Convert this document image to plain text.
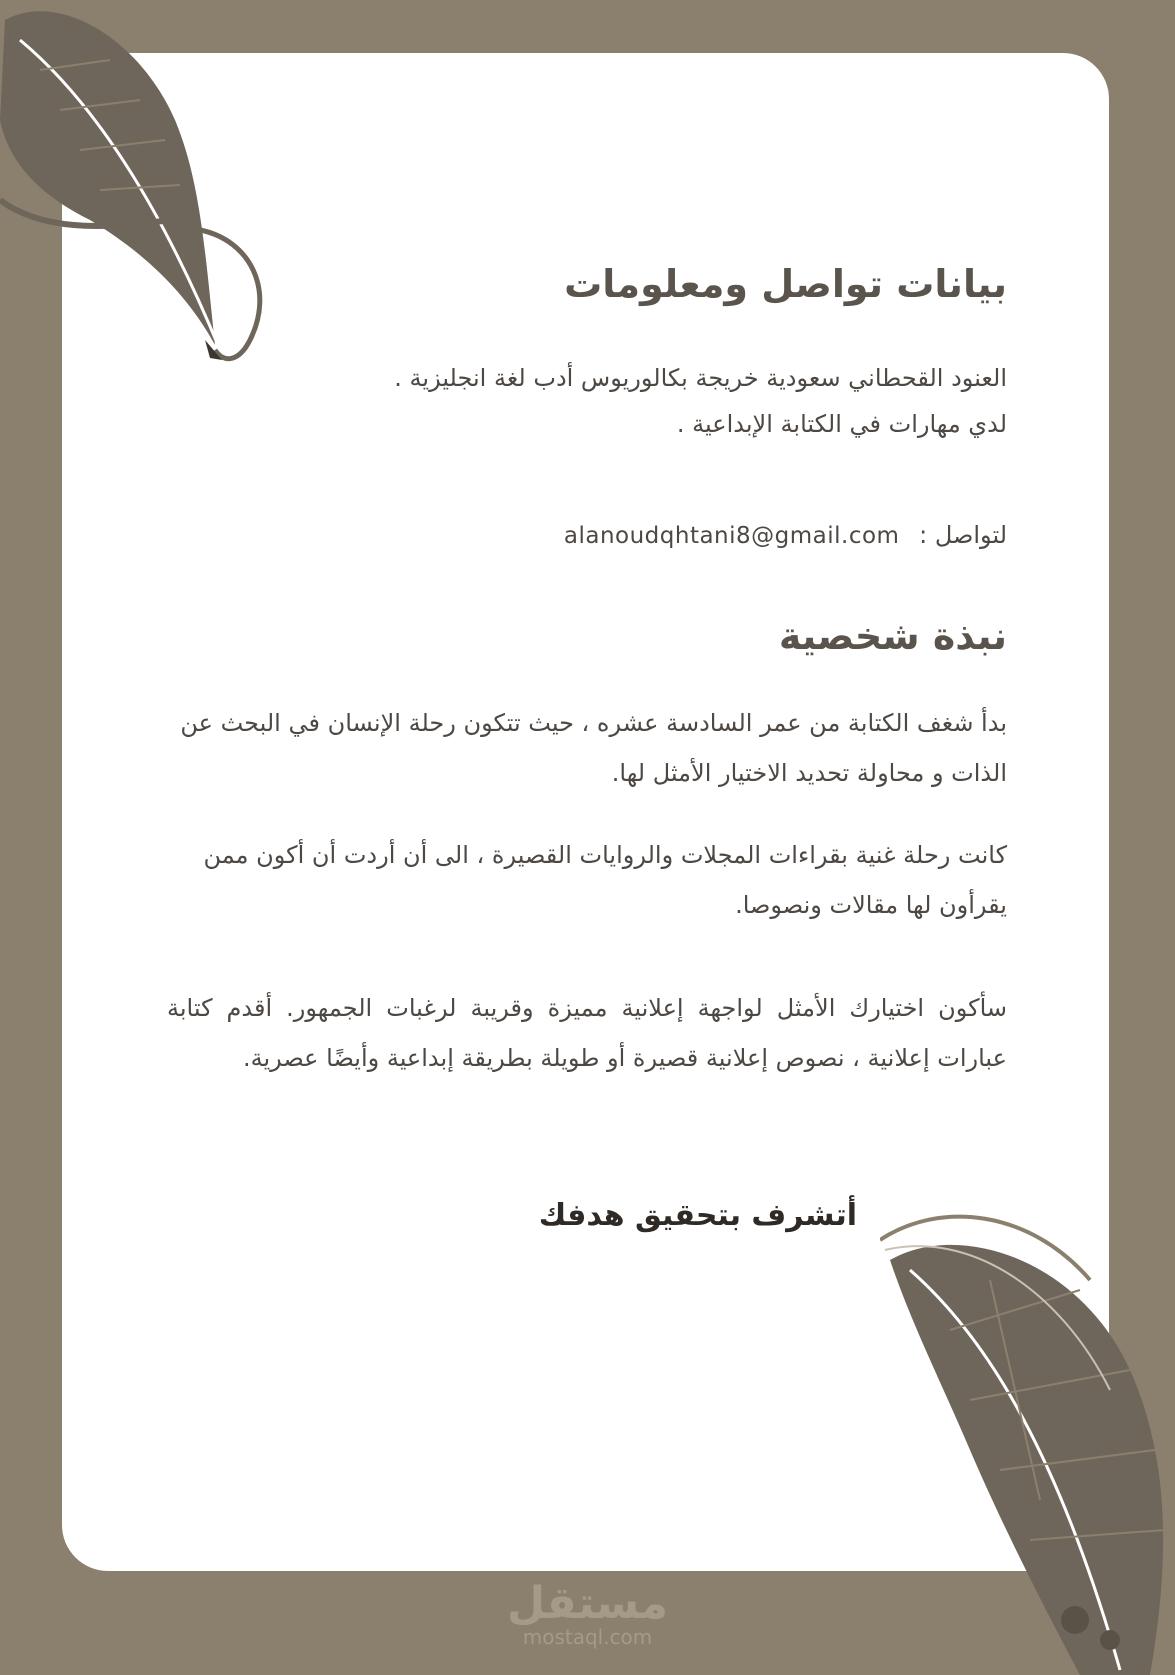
بيانات تواصل ومعلومات
العنود القحطاني سعودية خريجة بكالوريوس أدب لغة انجليزية .
لدي مهارات في الكتابة الإبداعية .
لتواصل : alanoudqhtani8@gmail.com
نبذة شخصية
بدأ شغف الكتابة من عمر السادسة عشره ، حيث تتكون رحلة الإنسان في البحث عن الذات و محاولة تحديد الاختيار الأمثل لها.
كانت رحلة غنية بقراءات المجلات والروايات القصيرة ، الى أن أردت أن أكون ممن يقرأون لها مقالات ونصوصا.
سأكون اختيارك الأمثل لواجهة إعلانية مميزة وقريبة لرغبات الجمهور. أقدم كتابة عبارات إعلانية ، نصوص إعلانية قصيرة أو طويلة بطريقة إبداعية وأيضًا عصرية.
أتشرف بتحقيق هدفك
مستقل
mostaql.com
